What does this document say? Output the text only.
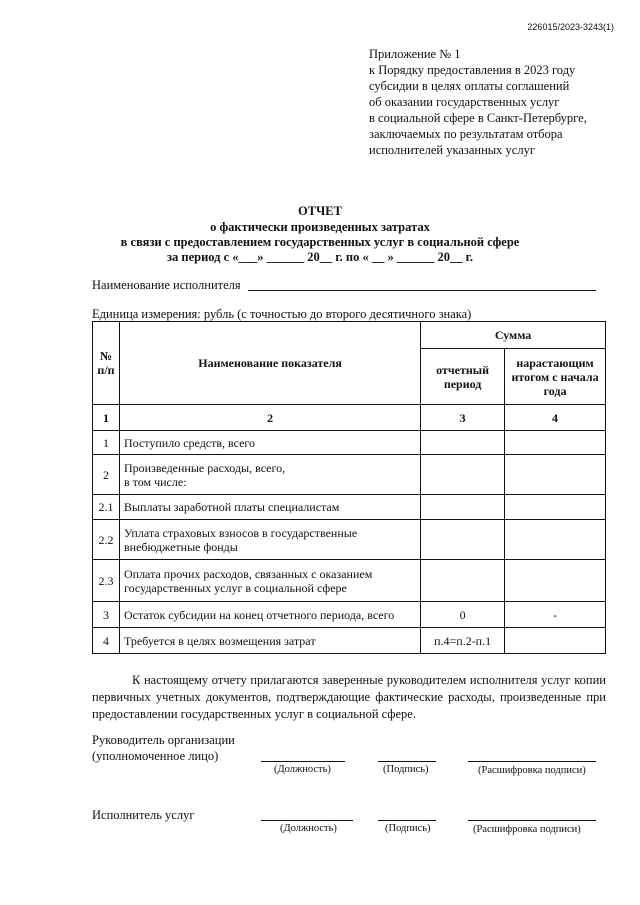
226015/2023-3243(1)
Приложение № 1
к Порядку предоставления в 2023 году
субсидии в целях оплаты соглашений
об оказании государственных услуг
в социальной сфере в Санкт-Петербурге,
заключаемых по результатам отбора
исполнителей указанных услуг
ОТЧЕТ
о фактически произведенных затратах
в связи с предоставлением государственных услуг в социальной сфере
за период с «___» ______ 20__ г. по « __ » ______ 20__ г.
Наименование исполнителя
Единица измерения: рубль (с точностью до второго десятичного знака)
№ п/п	Наименование показателя	Сумма	
		отчетный период	нарастающим итогом с начала года
1	2	3	4
1	Поступило средств, всего		
2	Произведенные расходы, всего,
в том числе:		

2.1	Выплаты заработной платы специалистам		
2.2	Уплата страховых взносов в государственные
внебюджетные фонды		

2.3	Оплата прочих расходов, связанных с оказанием
государственных услуг в социальной сфере		

3	Остаток субсидии на конец отчетного периода, всего	0	-
4	Требуется в целях возмещения затрат	п.4=п.2-п.1	
К настоящему отчету прилагаются заверенные руководителем исполнителя услуг копии первичных учетных документов, подтверждающие фактические расходы, произведенные при предоставлении государственных услуг в социальной сфере.
Руководитель организации
(уполномоченное лицо)
(Должность)	(Подпись)	(Расшифровка подписи)
Исполнитель услуг
(Должность)	(Подпись)	(Расшифровка подписи)
